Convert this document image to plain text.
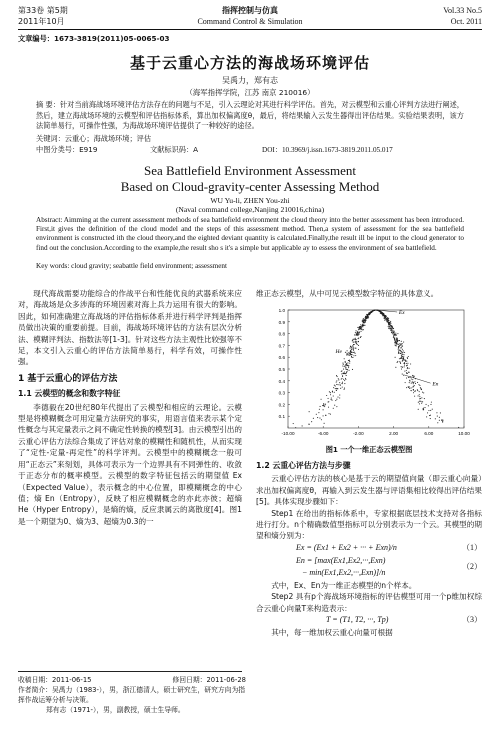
第33卷 第5期
2011年10月
指挥控制与仿真
Command Control & Simulation
Vol.33 No.5
Oct. 2011
文章编号：1673-3819(2011)05-0065-03
基于云重心方法的海战场环境评估
吴禹力，郑有志
（海军指挥学院，江苏 南京 210016）
摘 要：针对当前海战场环境评估方法存在的问题与不足，引入云理论对其进行科学评估。首先，对云模型和云重心评判方法进行阐述，然后，建立海战场环境的云模型和评估指标体系，算出加权偏离度θ，最后，将结果输入云发生器得出评估结果。实验结果表明，该方法简单易行，可操作性强，为海战场环境评估提供了一种较好的途径。
关键词：云重心；海战场环境；评估
中图分类号：E919	文献标识码：A	DOI：10.3969/j.issn.1673-3819.2011.05.017
Sea Battlefield Environment Assessment
Based on Cloud-gravity-center Assessing Method
WU Yu-li, ZHEN You-zhi
(Naval command college,Nanjing 210016,china)
Abstract: Aimming at the current assessment methods of sea battlefield environment the cloud theory into the better assessment has been introduced. First,it gives the definition of the cloud model and the steps of this assessment method. Then,a system of assessment for the sea battlefield environment is constructed ith the cloud theory,and the eighted deviant quantity is calculated.Finally,the result ill be input to the cloud generator to find out the conclusion.According to the example,the result sho s it's a simple but applicable ay to essess the environment of sea battlefield.
Key words: cloud gravity; seabattle field environment; assessment

现代海战需要功能综合的作战平台和性能优良的武器系统来应对，海战场是众多涉海的环境因素对海上兵力运用有很大的影响。因此，如何准确建立海战场的评估指标体系并进行科学评判是指挥员做出决策的重要前提。目前，海战场环境评估的方法有层次分析法、模糊评判法、指数法等[1-3]。针对这些方法主观性比较强等不足，本文引入云重心的评估方法简单易行，科学有效，可操作性强。

1 基于云重心的评估方法
1.1 云模型的概念和数字特征

李德毅在20世纪80年代提出了云模型和相应的云理论。云模型是将模糊概念可用定量方法研究的事实，用语言值来表示某个定性概念与其定量表示之间不确定性转换的模型[3]。由云模型引出的云重心评估方法综合集成了评估对象的模糊性和随机性，从而实现了“定性-定量-再定性”的科学评判。云模型中的模糊概念一般可用“正态云”来刻划，具体可表示为一个边界具有不同弹性的、收敛于正态分布的概率模型。云模型的数字特征包括云的期望值 Ex（Expected Value），表示概念的中心位置，即模糊概念的中心值；熵 En（Entropy），反映了相应模糊概念的亦此亦彼；超熵 He（Hyper Entropy），是熵的熵，反应隶属云的离散度[4]。图1是一个期望为0、熵为3、超熵为0.3的一

收稿日期：2011-06-15	修回日期：2011-06-28
作者简介：吴禹力（1983-），男，浙江德清人，硕士研究生，研究方向为指挥作战运筹分析与决策。
郑有志（1971-），男，副教授，硕士生导师。

维正态云模型，从中可见云模型数字特征的具体意义。

0.1
0.2
0.3
0.4
0.5
0.6
0.7
0.8
0.9
1.0
-10.00	-6.00	-2.00	2.00	6.00	10.00
Ex
He
En
图1 一个一维正态云模型图
1.2 云重心评估方法与步骤

云重心评估方法的核心是基于云的期望值向量（即云重心向量）求出加权偏离度θ，再输入到云发生器与评语集相比较得出评估结果[5]。具体实现步骤如下：

Step1 在给出的指标体系中，专家根据底层技术支持对各指标进行打分。n个精确数值型指标可以分别表示为一个云。其模型的期望和熵分别为：

Ex = (Ex1 + Ex2 + ··· + Exn)/n	（1）
En = [max(Ex1,Ex2,···,Exn)
− min(Ex1,Ex2,···,Exn)]/n
（2）

式中，Ex、En为一维正态模型的n个样本。

Step2 具有p个海战场环境指标的评估模型可用一个p维加权综合云重心向量T来构造表示：

T = (T1, T2, ···, Tp)	（3）

其中，每一维加权云重心向量可根据
